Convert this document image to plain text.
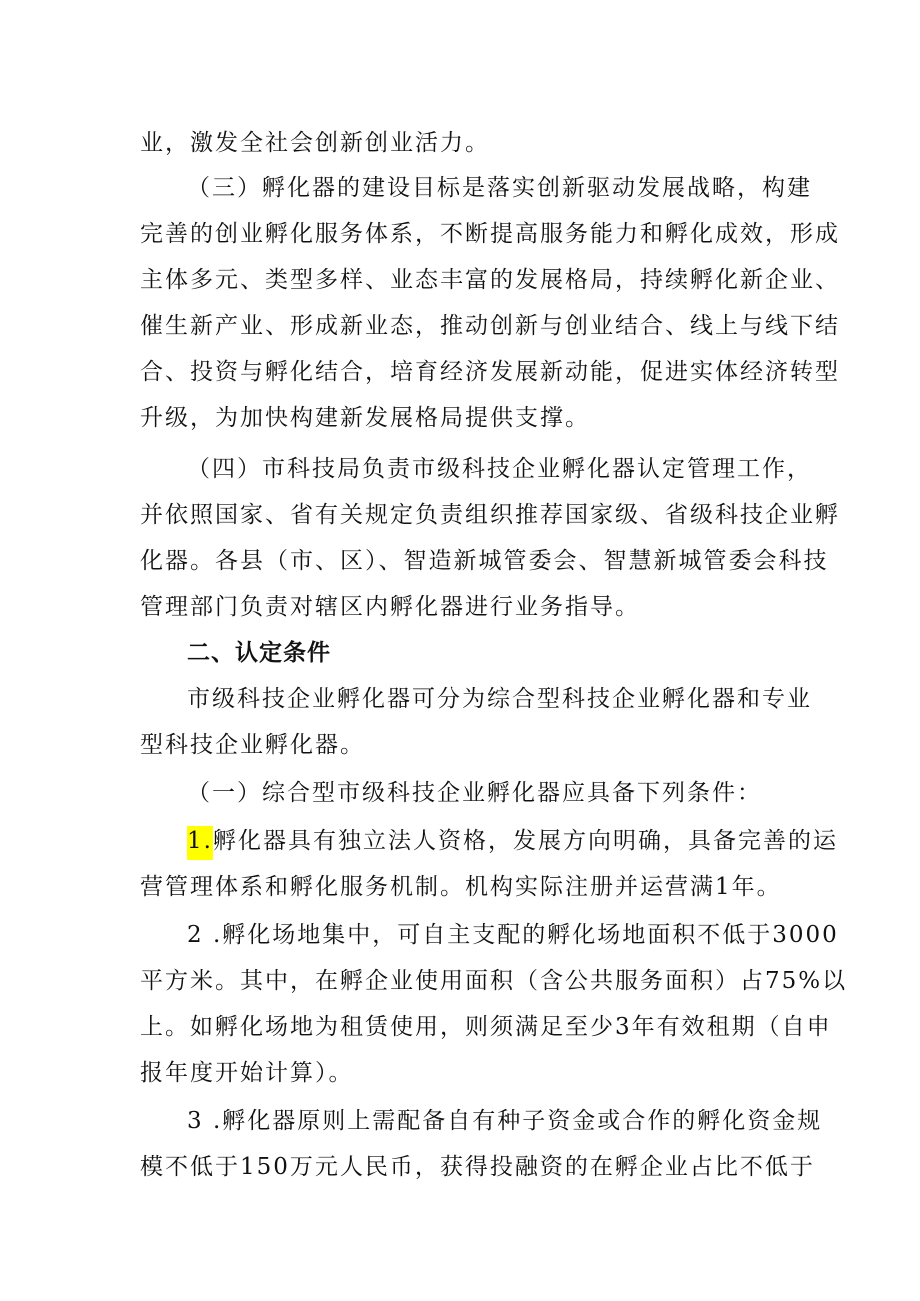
业，激发全社会创新创业活力。
（三）孵化器的建设目标是落实创新驱动发展战略，构建
完善的创业孵化服务体系，不断提高服务能力和孵化成效，形成
主体多元、类型多样、业态丰富的发展格局，持续孵化新企业、
催生新产业、形成新业态，推动创新与创业结合、线上与线下结
合、投资与孵化结合，培育经济发展新动能，促进实体经济转型
升级，为加快构建新发展格局提供支撑。
（四）市科技局负责市级科技企业孵化器认定管理工作，
并依照国家、省有关规定负责组织推荐国家级、省级科技企业孵
化器。各县（市、区）、智造新城管委会、智慧新城管委会科技
管理部门负责对辖区内孵化器进行业务指导。
二、认定条件
市级科技企业孵化器可分为综合型科技企业孵化器和专业
型科技企业孵化器。
（一）综合型市级科技企业孵化器应具备下列条件：
1.孵化器具有独立法人资格，发展方向明确，具备完善的运
营管理体系和孵化服务机制。机构实际注册并运营满1年。
2 .孵化场地集中，可自主支配的孵化场地面积不低于3000
平方米。其中，在孵企业使用面积（含公共服务面积）占75%以
上。如孵化场地为租赁使用，则须满足至少3年有效租期（自申
报年度开始计算）。
3 .孵化器原则上需配备自有种子资金或合作的孵化资金规
模不低于150万元人民币，获得投融资的在孵企业占比不低于
